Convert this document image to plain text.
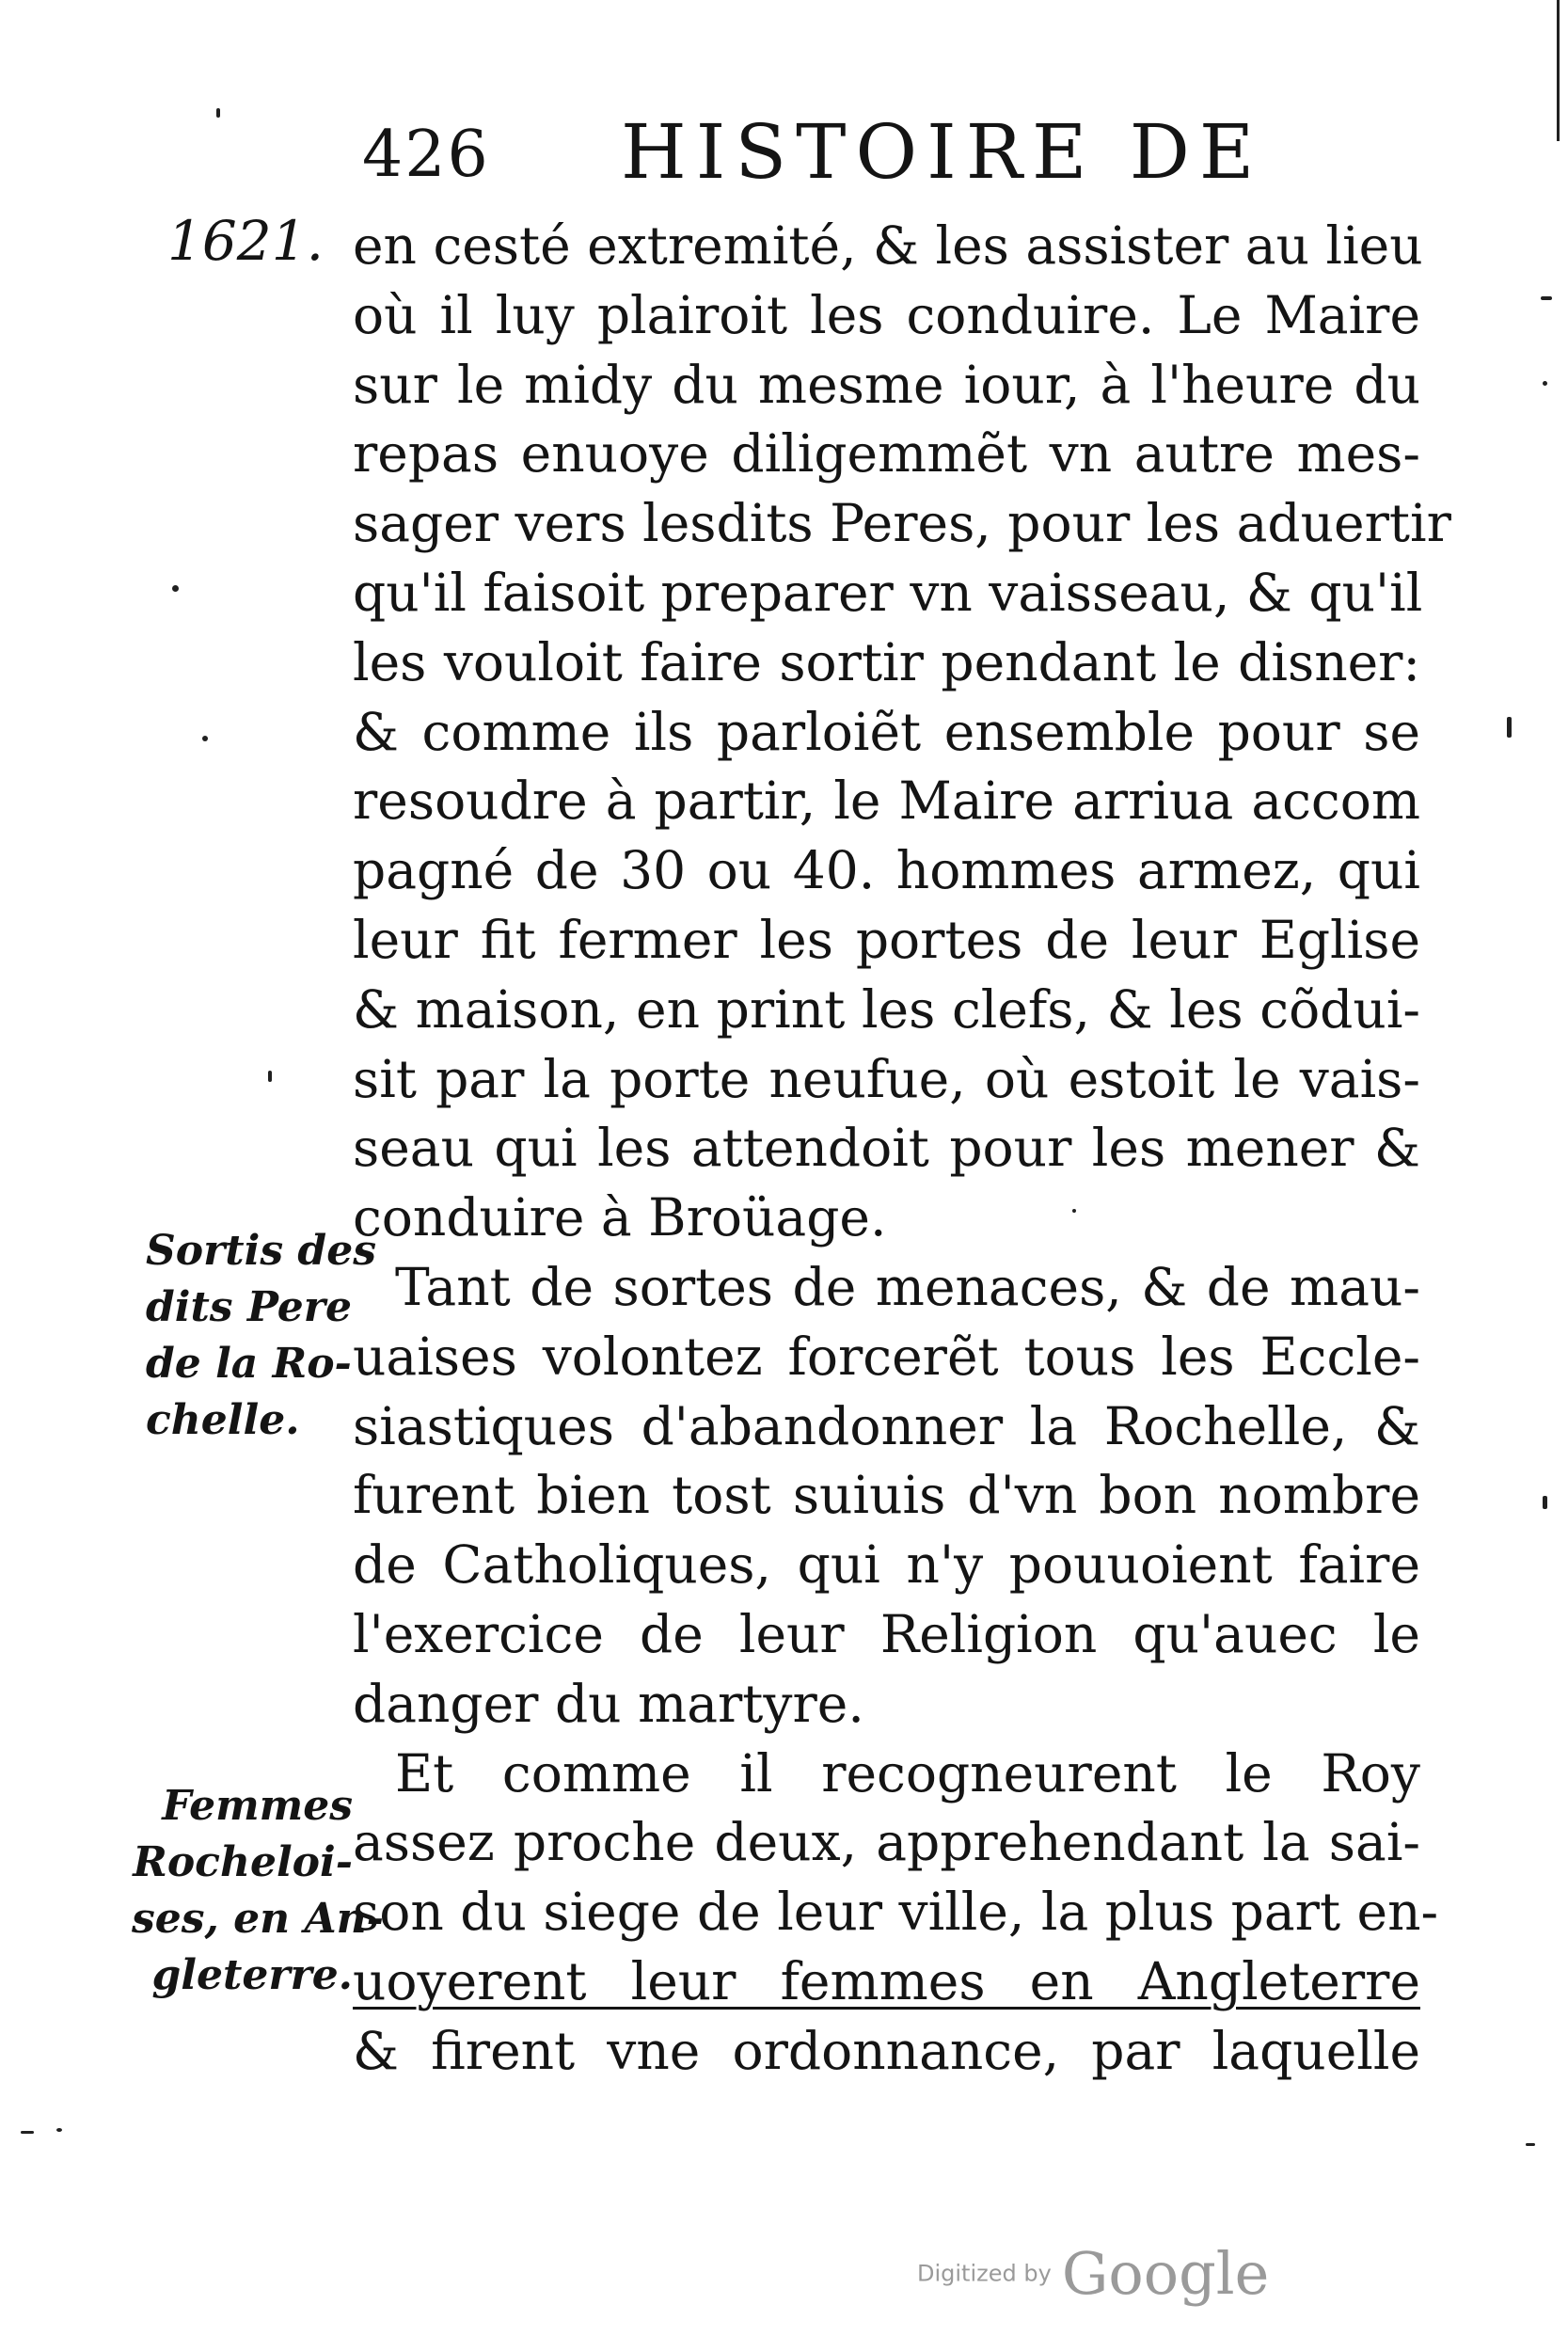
426 HISTOIRE DE
1621. en cesté extremité, & les assister au lieu
où il luy plairoit les conduire. Le Maire
sur le midy du mesme iour, à l'heure du
repas enuoye diligemmẽt vn autre mes-
sager vers lesdits Peres, pour les aduertir
qu'il faisoit preparer vn vaisseau, & qu'il
les vouloit faire sortir pendant le disner:
& comme ils parloiẽt ensemble pour se
resoudre à partir, le Maire arriua accom
pagné de 30 ou 40. hommes armez, qui
leur fit fermer les portes de leur Eglise
& maison, en print les clefs, & les cõdui-
sit par la porte neufue, où estoit le vais-
seau qui les attendoit pour les mener &
conduire à Broüage.
Tant de sortes de menaces, & de mau-
uaises volontez forcerẽt tous les Eccle-
siastiques d'abandonner la Rochelle, &
furent bien tost suiuis d'vn bon nombre
de Catholiques, qui n'y pouuoient faire
l'exercice de leur Religion qu'auec le
danger du martyre.
Et comme il recogneurent le Roy
assez proche deux, apprehendant la sai-
son du siege de leur ville, la plus part en-
uoyerent leur femmes en Angleterre
& firent vne ordonnance, par laquelle
Sortis des
dits Pere
de la Ro-
chelle.
Femmes
Rocheloi-
ses, en An-
gleterre.
Digitized by Google
